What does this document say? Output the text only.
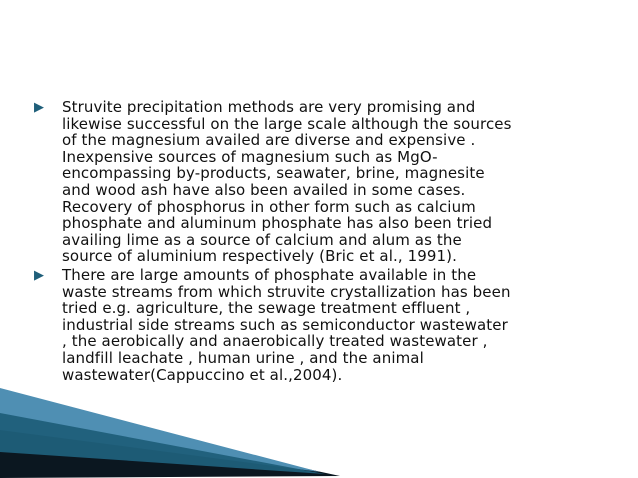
▶	Struvite precipitation methods are very promising and
likewise successful on the large scale although the sources
of the magnesium availed are diverse and expensive .
Inexpensive sources of magnesium such as MgO-
encompassing by-products, seawater, brine, magnesite
and wood ash have also been availed in some cases.
Recovery of phosphorus in other form such as calcium
phosphate and aluminum phosphate has also been tried
availing lime as a source of calcium and alum as the
source of aluminium respectively (Bric et al., 1991).
▶	There are large amounts of phosphate available in the
waste streams from which struvite crystallization has been
tried e.g. agriculture, the sewage treatment effluent ,
industrial side streams such as semiconductor wastewater
, the aerobically and anaerobically treated wastewater ,
landfill leachate , human urine , and the animal
wastewater(Cappuccino et al.,2004).
